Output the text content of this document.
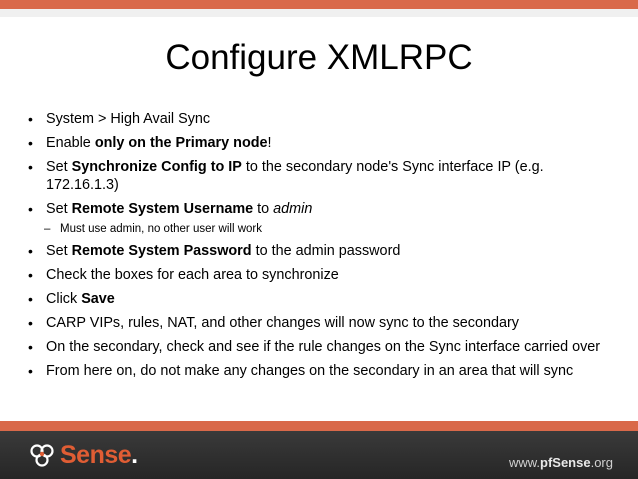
Configure XMLRPC
• System > High Avail Sync
• Enable only on the Primary node!
• Set Synchronize Config to IP to the secondary node's Sync interface IP (e.g. 172.16.1.3)
• Set Remote System Username to admin
– Must use admin, no other user will work
• Set Remote System Password to the admin password
• Check the boxes for each area to synchronize
• Click Save
• CARP VIPs, rules, NAT, and other changes will now sync to the secondary
• On the secondary, check and see if the rule changes on the Sync interface carried over
• From here on, do not make any changes on the secondary in an area that will sync
Sense.	www.pfSense.org
